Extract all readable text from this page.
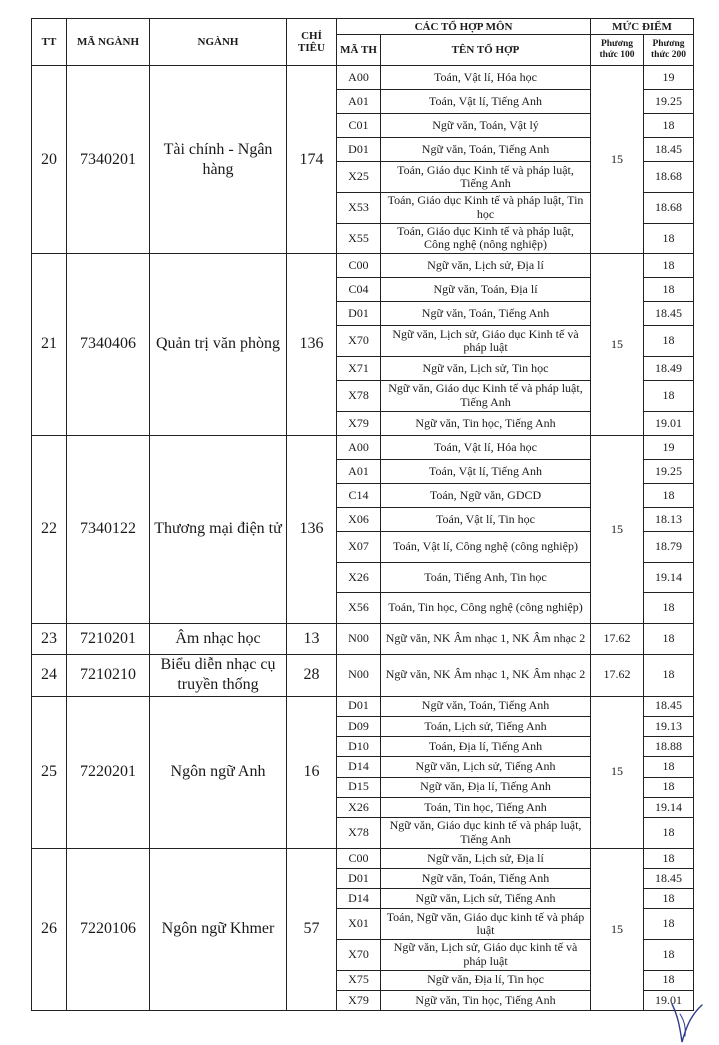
TT	MÃ NGÀNH	NGÀNH	CHỈ TIÊU	CÁC TỔ HỢP MÔN		MỨC ĐIỂM	
				MÃ TH	TÊN TỔ HỢP	Phương thức 100	Phương thức 200
20	7340201	Tài chính - Ngân hàng	174	A00	Toán, Vật lí, Hóa học	15	19
				A01	Toán, Vật lí, Tiếng Anh		19.25
				C01	Ngữ văn, Toán, Vật lý		18
				D01	Ngữ văn, Toán, Tiếng Anh		18.45
				X25	Toán, Giáo dục Kinh tế và pháp luật, Tiếng Anh		18.68
				X53	Toán, Giáo dục Kinh tế và pháp luật, Tin học		18.68
				X55	Toán, Giáo dục Kinh tế và pháp luật, Công nghệ (nông nghiệp)		18
21	7340406	Quản trị văn phòng	136	C00	Ngữ văn, Lịch sử, Địa lí	15	18
				C04	Ngữ văn, Toán, Địa lí		18
				D01	Ngữ văn, Toán, Tiếng Anh		18.45
				X70	Ngữ văn, Lịch sử, Giáo dục Kinh tế và pháp luật		18
				X71	Ngữ văn, Lịch sử, Tin học		18.49
				X78	Ngữ văn, Giáo dục Kinh tế và pháp luật, Tiếng Anh		18
				X79	Ngữ văn, Tin học, Tiếng Anh		19.01
22	7340122	Thương mại điện tử	136	A00	Toán, Vật lí, Hóa học	15	19
				A01	Toán, Vật lí, Tiếng Anh		19.25
				C14	Toán, Ngữ văn, GDCD		18
				X06	Toán, Vật lí, Tin học		18.13
				X07	Toán, Vật lí, Công nghệ (công nghiệp)		18.79
				X26	Toán, Tiếng Anh, Tin học		19.14
				X56	Toán, Tin học, Công nghệ (công nghiệp)		18
23	7210201	Âm nhạc học	13	N00	Ngữ văn, NK Âm nhạc 1, NK Âm nhạc 2	17.62	18
24	7210210	Biểu diễn nhạc cụ truyền thống	28	N00	Ngữ văn, NK Âm nhạc 1, NK Âm nhạc 2	17.62	18
25	7220201	Ngôn ngữ Anh	16	D01	Ngữ văn, Toán, Tiếng Anh	15	18.45
				D09	Toán, Lịch sử, Tiếng Anh		19.13
				D10	Toán, Địa lí, Tiếng Anh		18.88
				D14	Ngữ văn, Lịch sử, Tiếng Anh		18
				D15	Ngữ văn, Địa lí, Tiếng Anh		18
				X26	Toán, Tin học, Tiếng Anh		19.14
				X78	Ngữ văn, Giáo dục kinh tế và pháp luật, Tiếng Anh		18
26	7220106	Ngôn ngữ Khmer	57	C00	Ngữ văn, Lịch sử, Địa lí	15	18
				D01	Ngữ văn, Toán, Tiếng Anh		18.45
				D14	Ngữ văn, Lịch sử, Tiếng Anh		18
				X01	Toán, Ngữ văn, Giáo dục kinh tế và pháp luật		18
				X70	Ngữ văn, Lịch sử, Giáo dục kinh tế và pháp luật		18
				X75	Ngữ văn, Địa lí, Tin học		18
				X79	Ngữ văn, Tin học, Tiếng Anh		19.01
